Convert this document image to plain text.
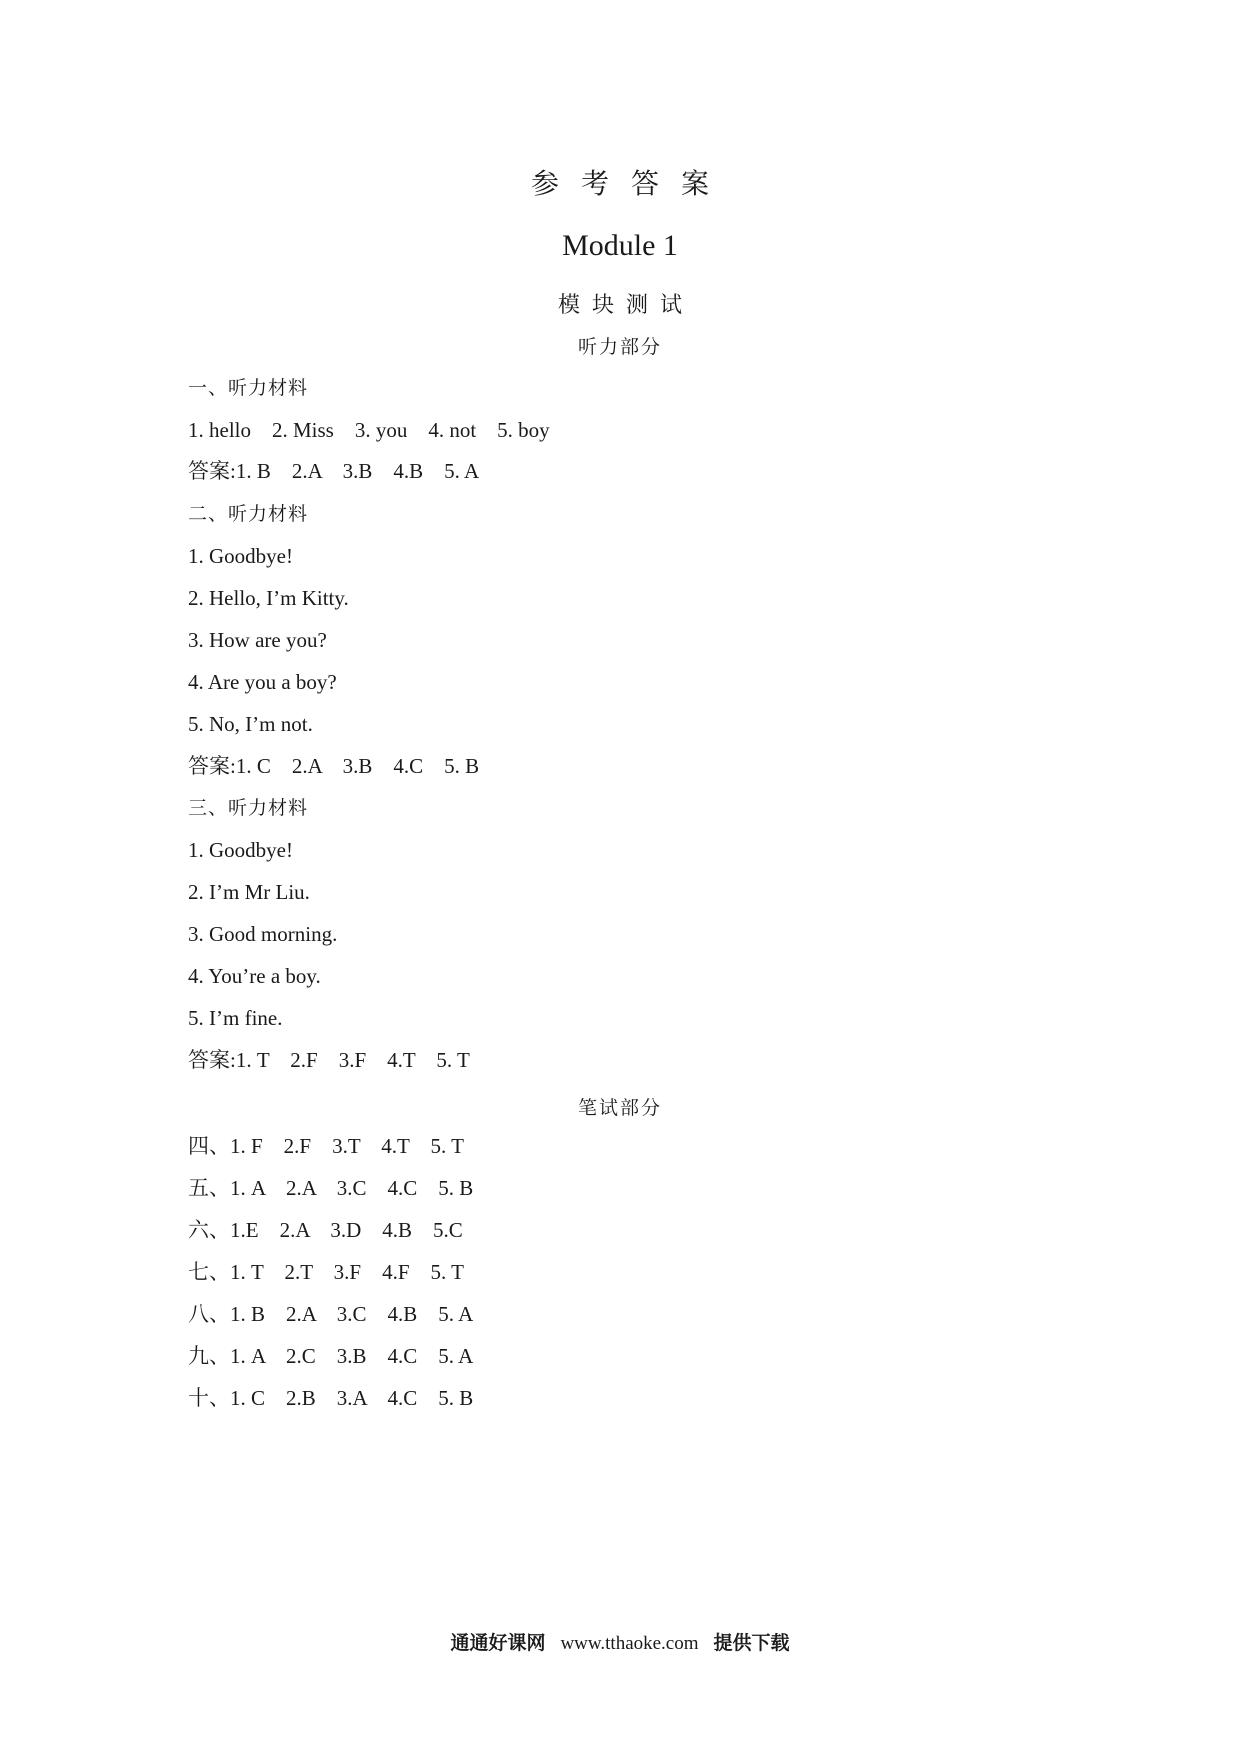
参考答案
Module 1
模块测试
听力部分
一、听力材料
1. hello    2. Miss    3. you    4. not    5. boy
答案:1. B    2.A    3.B    4.B    5. A
二、听力材料
1. Goodbye!
2. Hello, I’m Kitty.
3. How are you?
4. Are you a boy?
5. No, I’m not.
答案:1. C    2.A    3.B    4.C    5. B
三、听力材料
1. Goodbye!
2. I’m Mr Liu.
3. Good morning.
4. You’re a boy.
5. I’m fine.
答案:1. T    2.F    3.F    4.T    5. T
笔试部分
四、1. F    2.F    3.T    4.T    5. T
五、1. A    2.A    3.C    4.C    5. B
六、1.E    2.A    3.D    4.B    5.C
七、1. T    2.T    3.F    4.F    5. T
八、1. B    2.A    3.C    4.B    5. A
九、1. A    2.C    3.B    4.C    5. A
十、1. C    2.B    3.A    4.C    5. B
通通好课网 www.tthaoke.com 提供下载
